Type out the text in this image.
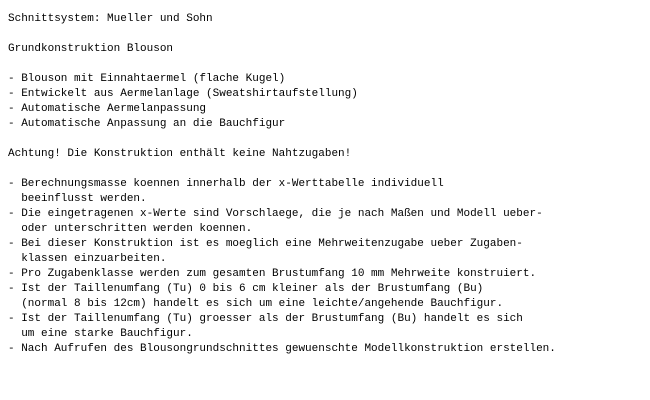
Schnittsystem: Mueller und Sohn
Grundkonstruktion Blouson
- Blouson mit Einnahtaermel (flache Kugel)
- Entwickelt aus Aermelanlage (Sweatshirtaufstellung)
- Automatische Aermelanpassung
- Automatische Anpassung an die Bauchfigur
Achtung! Die Konstruktion enthält keine Nahtzugaben!
- Berechnungsmasse koennen innerhalb der x-Werttabelle individuell
beeinflusst werden.
- Die eingetragenen x-Werte sind Vorschlaege, die je nach Maßen und Modell ueber-
oder unterschritten werden koennen.
- Bei dieser Konstruktion ist es moeglich eine Mehrweitenzugabe ueber Zugaben-
klassen einzuarbeiten.
- Pro Zugabenklasse werden zum gesamten Brustumfang 10 mm Mehrweite konstruiert.
- Ist der Taillenumfang (Tu) 0 bis 6 cm kleiner als der Brustumfang (Bu)
(normal 8 bis 12cm) handelt es sich um eine leichte/angehende Bauchfigur.
- Ist der Taillenumfang (Tu) groesser als der Brustumfang (Bu) handelt es sich
um eine starke Bauchfigur.
- Nach Aufrufen des Blousongrundschnittes gewuenschte Modellkonstruktion erstellen.
